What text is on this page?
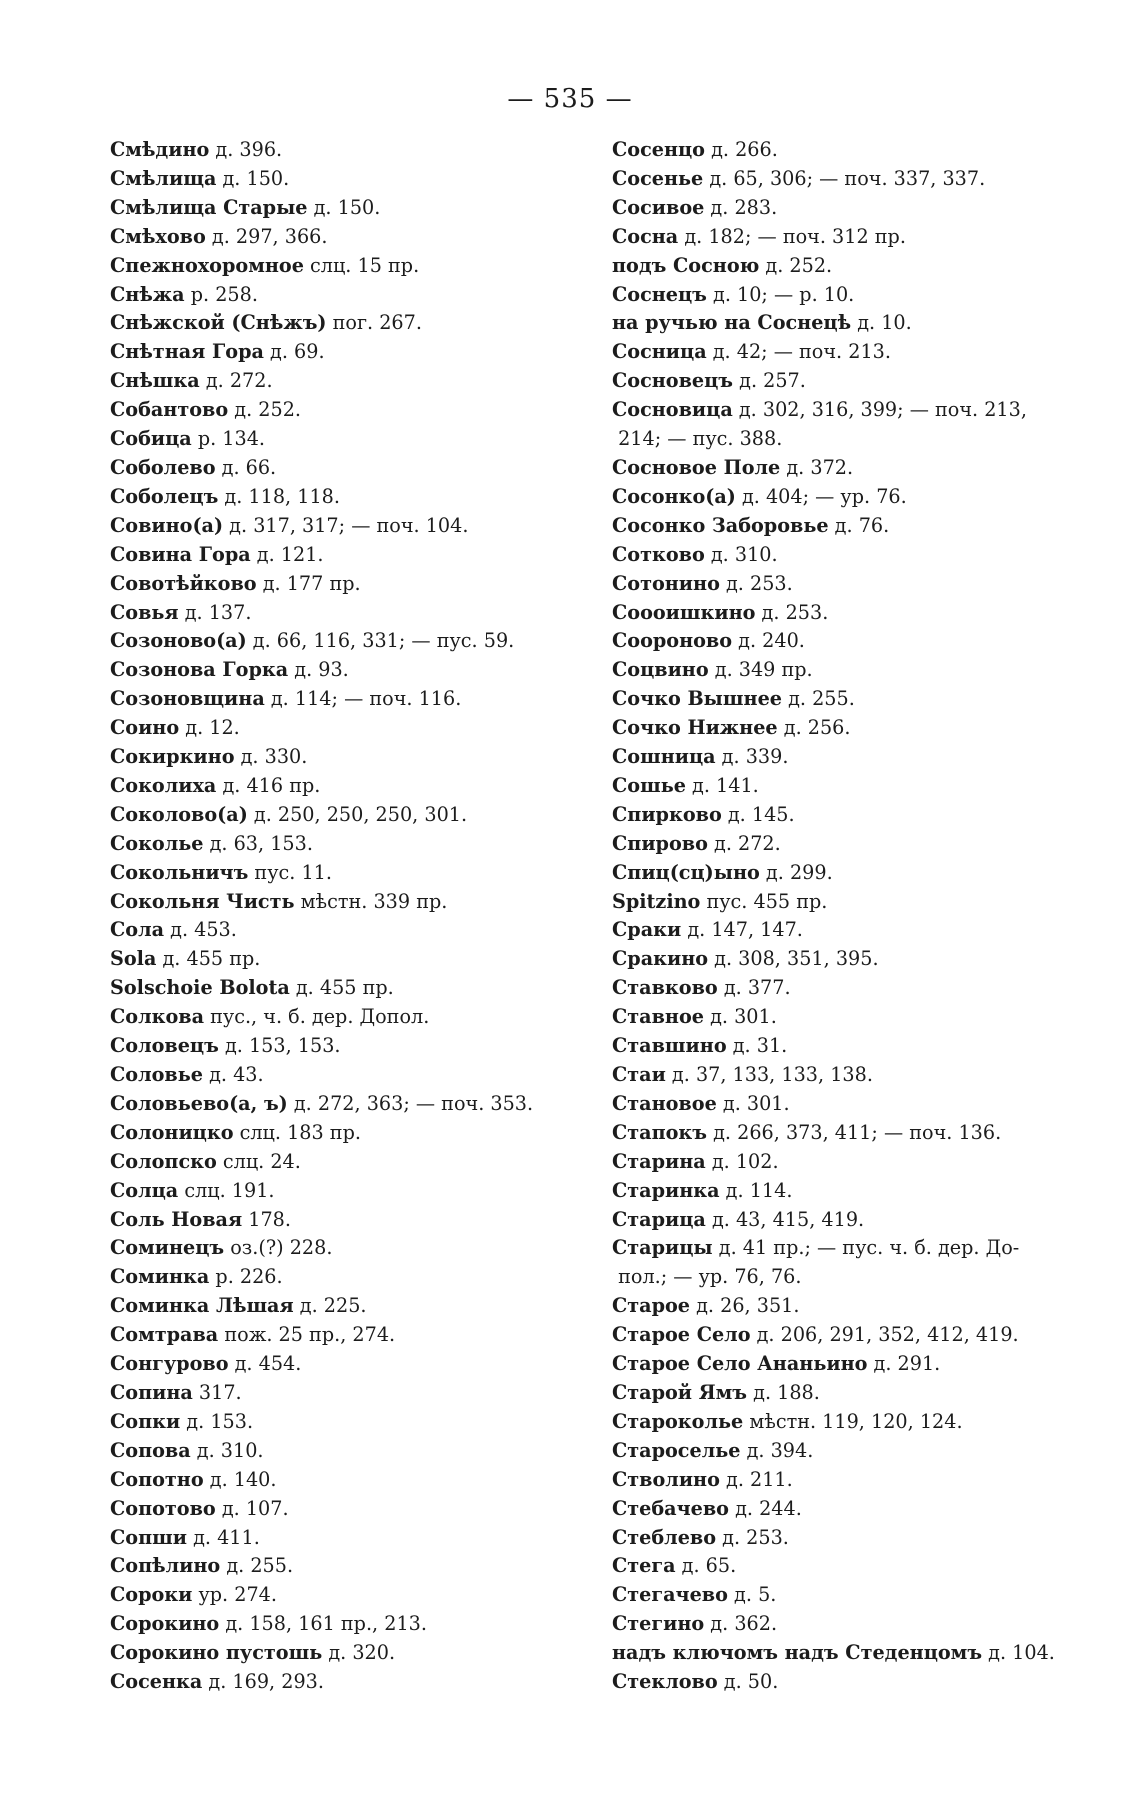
— 535 —
Смѣдино д. 396.
Смѣлища д. 150.
Смѣлища Старые д. 150.
Смѣхово д. 297, 366.
Спежнохоромное слц. 15 пр.
Снѣжа р. 258.
Снѣжской (Снѣжъ) пог. 267.
Снѣтная Гора д. 69.
Снѣшка д. 272.
Собантово д. 252.
Собица р. 134.
Соболево д. 66.
Соболецъ д. 118, 118.
Совино(а) д. 317, 317; — поч. 104.
Совина Гора д. 121.
Совотѣйково д. 177 пр.
Совья д. 137.
Созоново(а) д. 66, 116, 331; — пус. 59.
Созонова Горка д. 93.
Созоновщина д. 114; — поч. 116.
Соино д. 12.
Сокиркино д. 330.
Соколиха д. 416 пр.
Соколово(а) д. 250, 250, 250, 301.
Соколье д. 63, 153.
Сокольничъ пус. 11.
Сокольня Чисть мѣстн. 339 пр.
Сола д. 453.
Sola д. 455 пр.
Solschoie Bolota д. 455 пр.
Солкова пус., ч. б. дер. Допол.
Соловецъ д. 153, 153.
Соловье д. 43.
Соловьево(а, ъ) д. 272, 363; — поч. 353.
Солоницко слц. 183 пр.
Солопско слц. 24.
Солца слц. 191.
Соль Новая 178.
Соминецъ оз.(?) 228.
Соминка р. 226.
Соминка Лѣшая д. 225.
Сомтрава пож. 25 пр., 274.
Сонгурово д. 454.
Сопина 317.
Сопки д. 153.
Сопова д. 310.
Сопотно д. 140.
Сопотово д. 107.
Сопши д. 411.
Сопѣлино д. 255.
Сороки ур. 274.
Сорокино д. 158, 161 пр., 213.
Сорокино пустошь д. 320.
Сосенка д. 169, 293.
Сосенцо д. 266.
Сосенье д. 65, 306; — поч. 337, 337.
Сосивое д. 283.
Сосна д. 182; — поч. 312 пр.
подъ Сосною д. 252.
Соснецъ д. 10; — р. 10.
на ручью на Соснецѣ д. 10.
Сосница д. 42; — поч. 213.
Сосновецъ д. 257.
Сосновица д. 302, 316, 399; — поч. 213,
214; — пус. 388.
Сосновое Поле д. 372.
Сосонко(а) д. 404; — ур. 76.
Сосонко Заборовье д. 76.
Сотково д. 310.
Сотонино д. 253.
Соооишкино д. 253.
Соороново д. 240.
Соцвино д. 349 пр.
Сочко Вышнее д. 255.
Сочко Нижнее д. 256.
Сошница д. 339.
Сошье д. 141.
Спирково д. 145.
Спирово д. 272.
Спиц(сц)ыно д. 299.
Spitzino пус. 455 пр.
Сраки д. 147, 147.
Сракино д. 308, 351, 395.
Ставково д. 377.
Ставное д. 301.
Ставшино д. 31.
Стаи д. 37, 133, 133, 138.
Становое д. 301.
Стапокъ д. 266, 373, 411; — поч. 136.
Старина д. 102.
Старинка д. 114.
Старица д. 43, 415, 419.
Старицы д. 41 пр.; — пус. ч. б. дер. До-
пол.; — ур. 76, 76.
Старое д. 26, 351.
Старое Село д. 206, 291, 352, 412, 419.
Старое Село Ананьино д. 291.
Старой Ямъ д. 188.
Староколье мѣстн. 119, 120, 124.
Староселье д. 394.
Стволино д. 211.
Стебачево д. 244.
Стеблево д. 253.
Стега д. 65.
Стегачево д. 5.
Стегино д. 362.
надъ ключомъ надъ Стеденцомъ д. 104.
Стеклово д. 50.
